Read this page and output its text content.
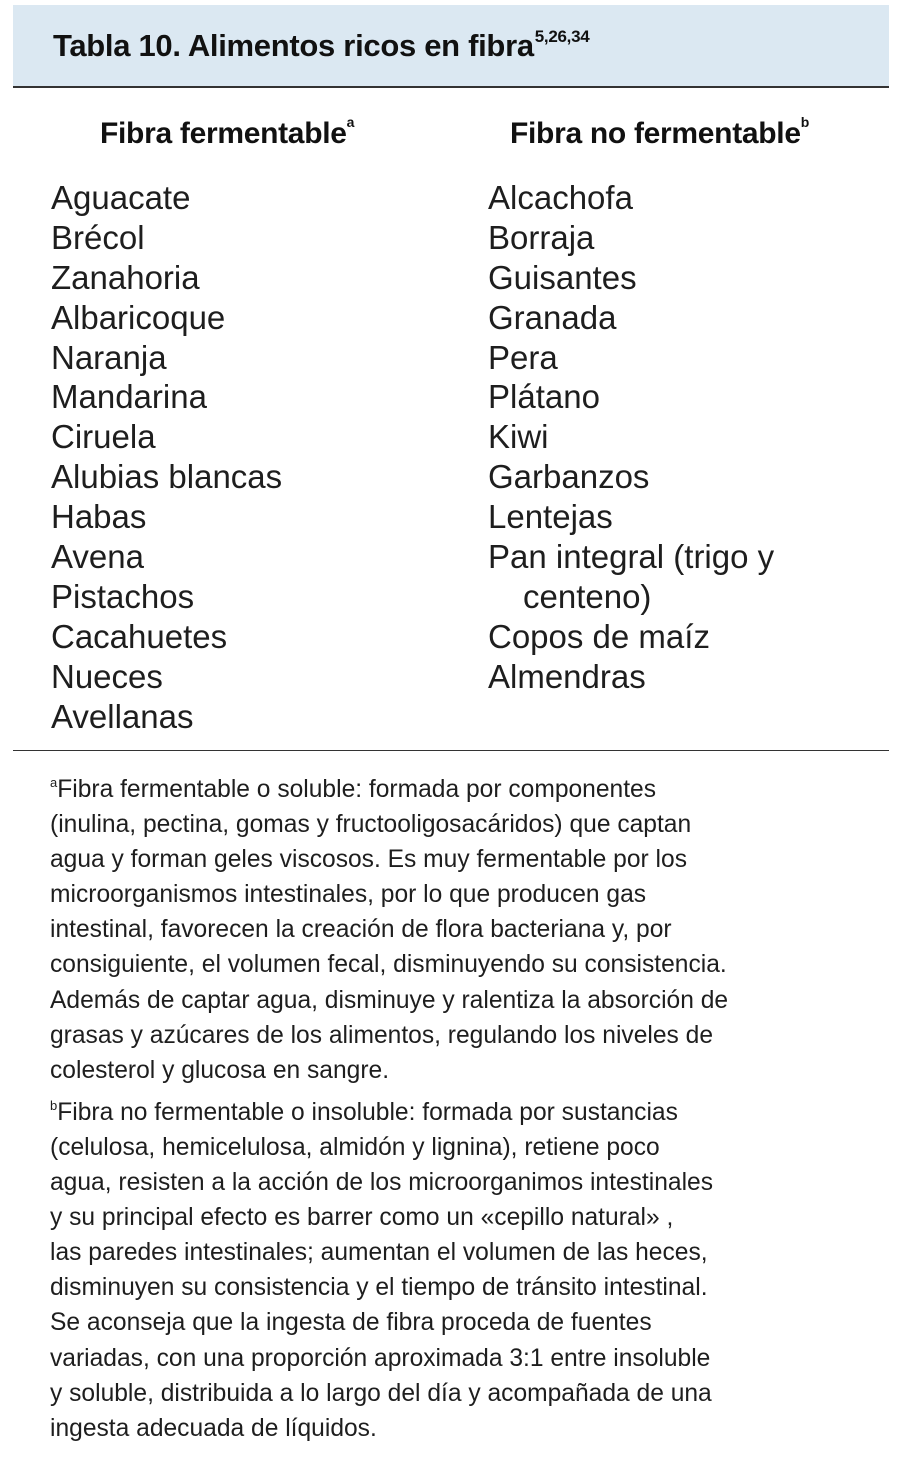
Tabla 10. Alimentos ricos en fibra$^{5,26,34}$
Fibra fermentable$^a$	Fibra no fermentable$^b$
Aguacate
Brécol
Zanahoria
Albaricoque
Naranja
Mandarina
Ciruela
Alubias blancas
Habas
Avena
Pistachos
Cacahuetes
Nueces
Avellanas
Alcachofa
Borraja
Guisantes
Granada
Pera
Plátano
Kiwi
Garbanzos
Lentejas
Pan integral (trigo y
centeno)
Copos de maíz
Almendras
$^a$Fibra fermentable o soluble: formada por componentes
(inulina, pectina, gomas y fructooligosacáridos) que captan
agua y forman geles viscosos. Es muy fermentable por los
microorganismos intestinales, por lo que producen gas
intestinal, favorecen la creación de flora bacteriana y, por
consiguiente, el volumen fecal, disminuyendo su consistencia.
Además de captar agua, disminuye y ralentiza la absorción de
grasas y azúcares de los alimentos, regulando los niveles de
colesterol y glucosa en sangre.
$^b$Fibra no fermentable o insoluble: formada por sustancias
(celulosa, hemicelulosa, almidón y lignina), retiene poco
agua, resisten a la acción de los microorganimos intestinales
y su principal efecto es barrer como un «cepillo natural» ,
las paredes intestinales; aumentan el volumen de las heces,
disminuyen su consistencia y el tiempo de tránsito intestinal.
Se aconseja que la ingesta de fibra proceda de fuentes
variadas, con una proporción aproximada 3:1 entre insoluble
y soluble, distribuida a lo largo del día y acompañada de una
ingesta adecuada de líquidos.
